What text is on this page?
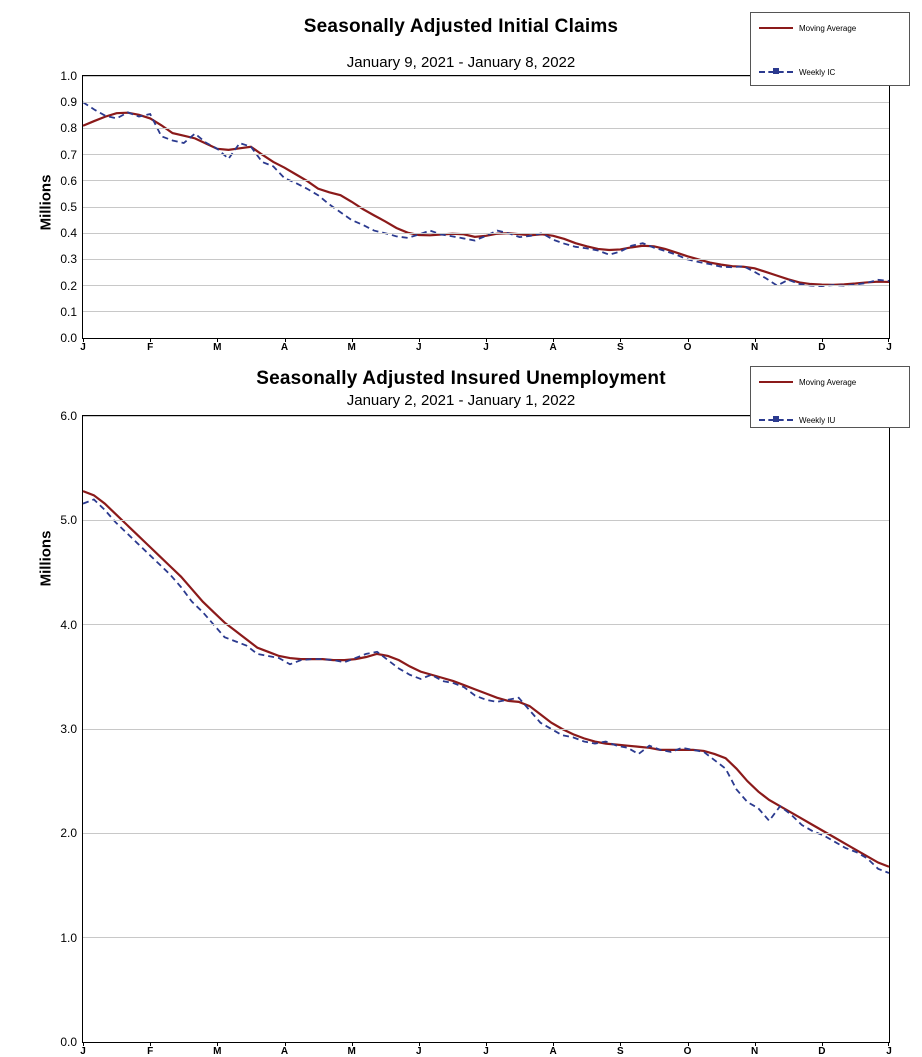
Seasonally Adjusted Initial Claims
January 9, 2021 - January 8, 2022
Millions
0.0
0.1
0.2
0.3
0.4
0.5
0.6
0.7
0.8
0.9
1.0
J	F	M	A	M	J	J	A	S	O	N	D	J
Moving Average
Weekly IC
Seasonally Adjusted Insured Unemployment
January 2, 2021 - January 1, 2022
Millions
0.0
1.0
2.0
3.0
4.0
5.0
6.0
J	F	M	A	M	J	J	A	S	O	N	D	J
Moving Average
Weekly IU
